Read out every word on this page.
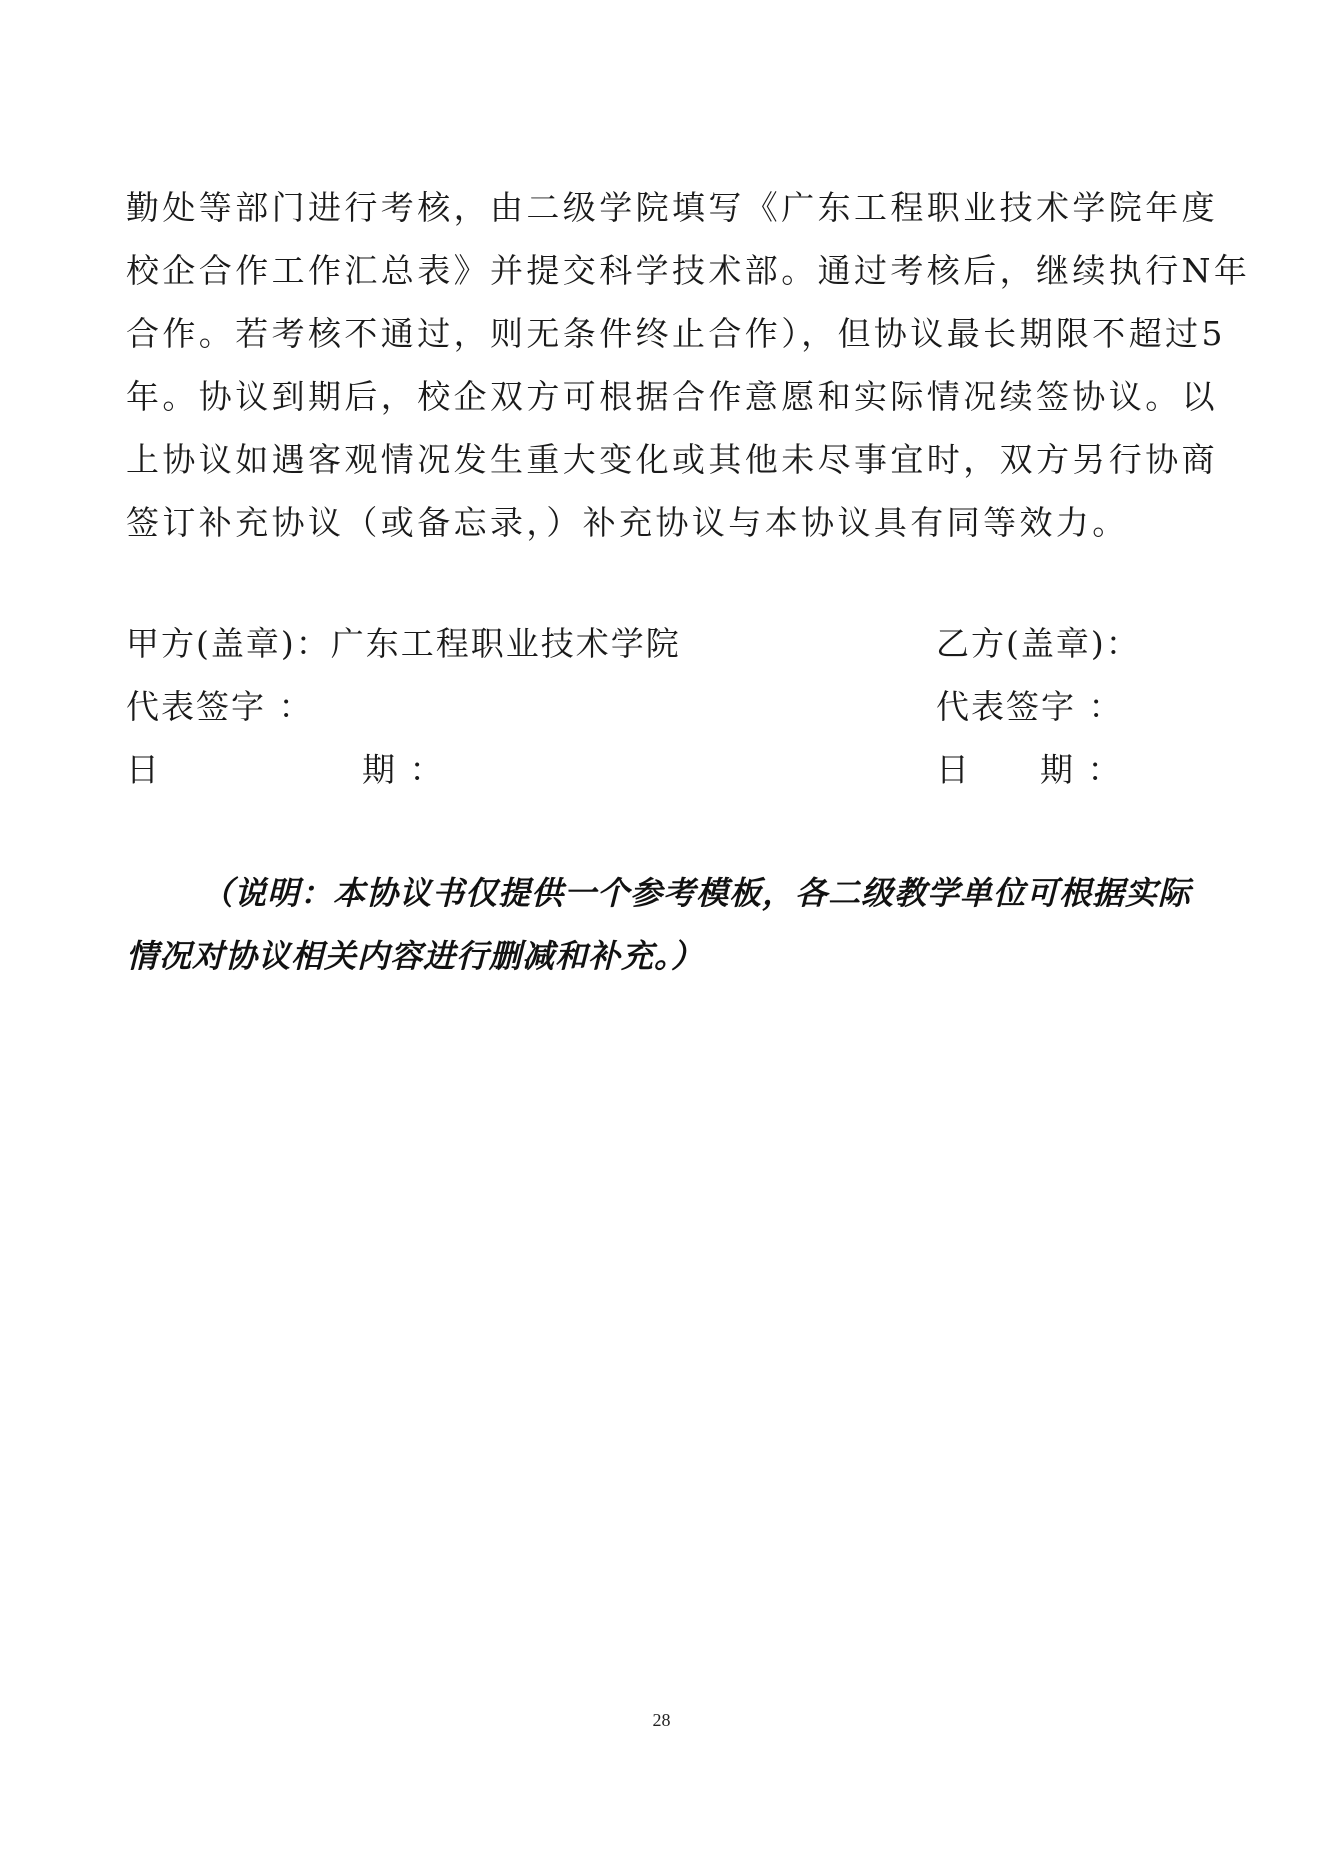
勤处等部门进行考核，由二级学院填写《广东工程职业技术学院年度
校企合作工作汇总表》并提交科学技术部。通过考核后，继续执行N年
合作。若考核不通过，则无条件终止合作），但协议最长期限不超过5
年。协议到期后，校企双方可根据合作意愿和实际情况续签协议。以
上协议如遇客观情况发生重大变化或其他未尽事宜时，双方另行协商
签订补充协议（或备忘录，）补充协议与本协议具有同等效力。
甲方(盖章)：广东工程职业技术学院	乙方(盖章)：
代表签字 ：	代表签字 ：
日	期 ：	日 期 ：
（说明：本协议书仅提供一个参考模板，各二级教学单位可根据实际
情况对协议相关内容进行删减和补充。）
28
